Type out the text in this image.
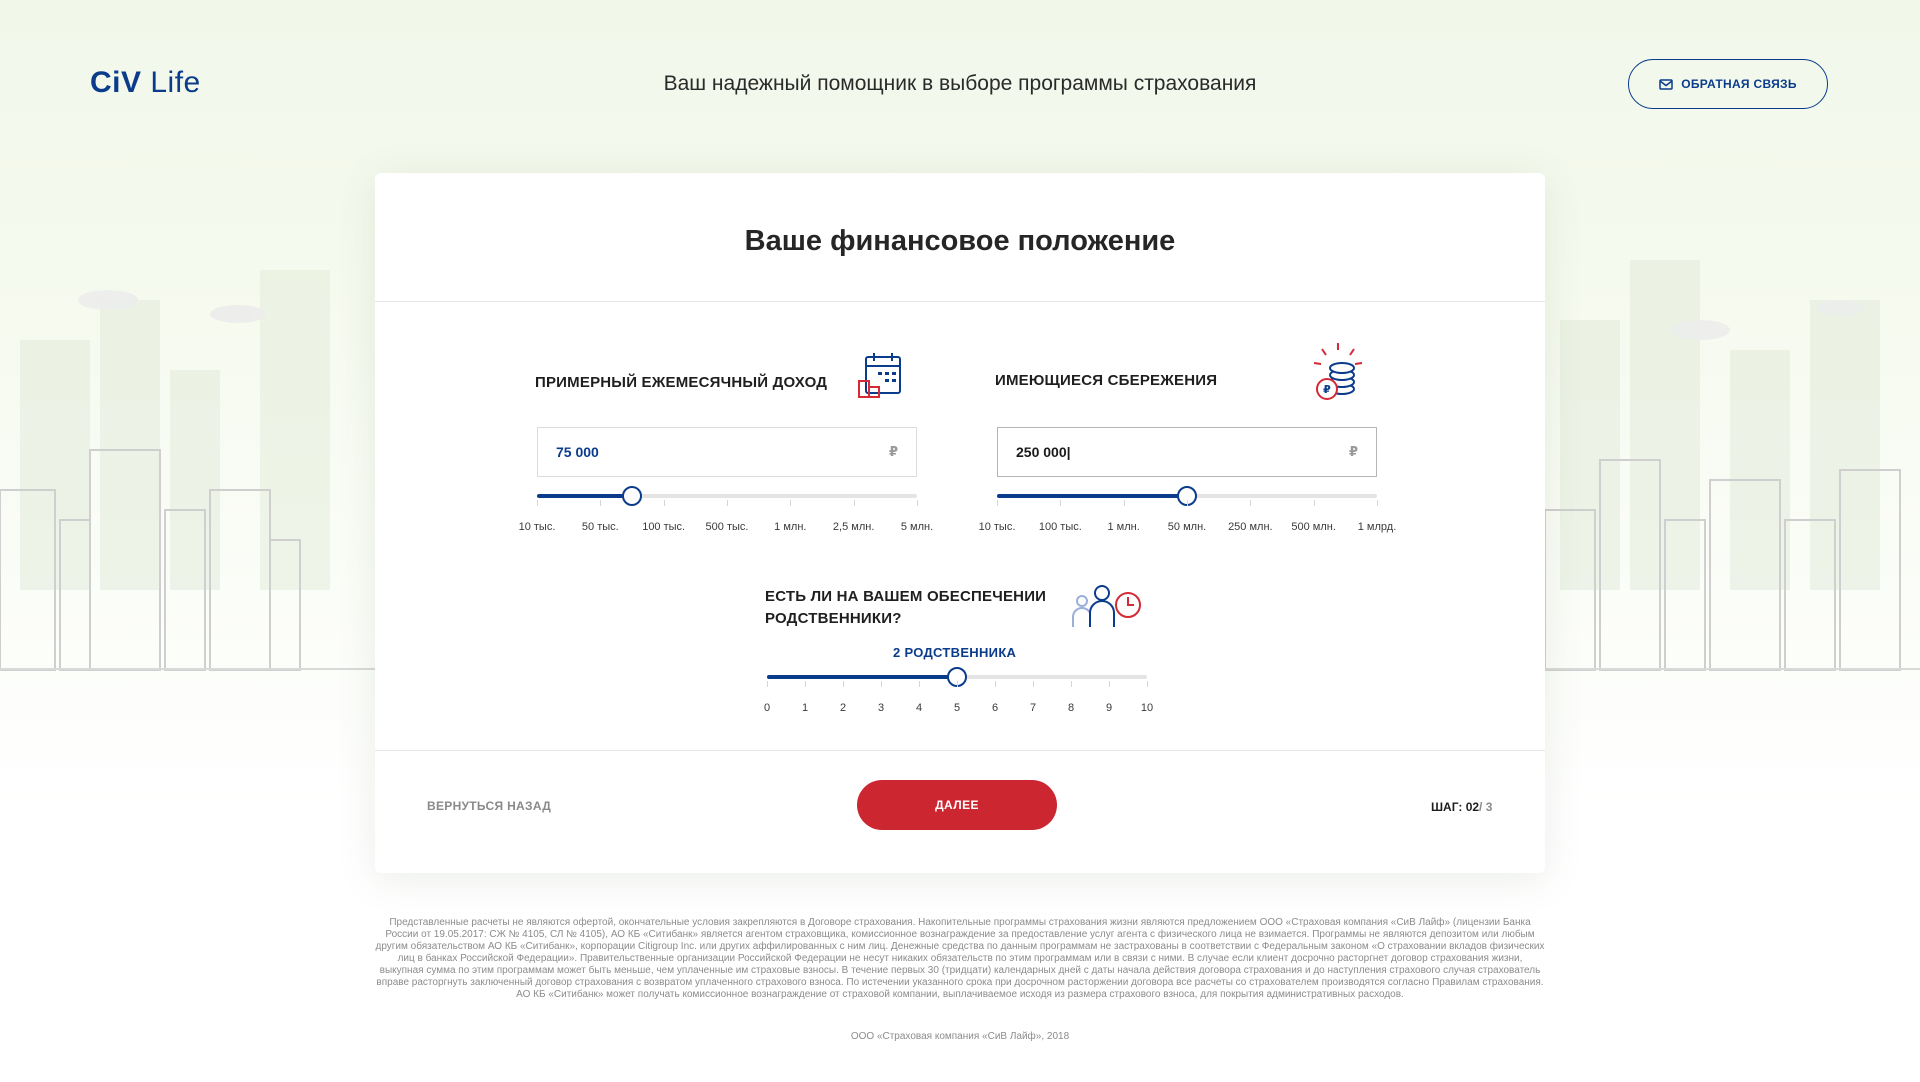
CiV Life	Ваш надежный помощник в выборе программы страхования	ОБРАТНАЯ СВЯЗЬ
Ваше финансовое положение
ПРИМЕРНЫЙ ЕЖЕМЕСЯЧНЫЙ ДОХОД
75 000	₽
10 тыс. 50 тыс. 100 тыс. 500 тыс. 1 млн. 2,5 млн. 5 млн.
ИМЕЮЩИЕСЯ СБЕРЕЖЕНИЯ
₽
250 000|	₽
10 тыс. 100 тыс. 1 млн.	50 млн. 250 млн. 500 млн. 1 млрд.
ЕСТЬ ЛИ НА ВАШЕМ ОБЕСПЕЧЕНИИ
РОДСТВЕННИКИ?
2 РОДСТВЕННИКА
0	1	2	3	4	5	6	7	8	9	10
ВЕРНУТЬСЯ НАЗАД	ДАЛЕЕ	ШАГ: 02/ 3
Представленные расчеты не являются офертой, окончательные условия закрепляются в Договоре страхования. Накопительные программы страхования жизни являются предложением ООО «Страховая компания «СиВ Лайф» (лицензии Банка России от 19.05.2017: СЖ № 4105, СЛ № 4105), АО КБ «Ситибанк» является агентом страховщика, комиссионное вознаграждение за предоставление услуг агента с физического лица не взимается. Программы не являются депозитом или любым другим обязательством АО КБ «Ситибанк», корпорации Citigroup Inc. или других аффилированных с ним лиц. Денежные средства по данным программам не застрахованы в соответствии с Федеральным законом «О страховании вкладов физических лиц в банках Российской Федерации». Правительственные организации Российской Федерации не несут никаких обязательств по этим программам или в связи с ними. В случае если клиент досрочно расторгнет договор страхования жизни, выкупная сумма по этим программам может быть меньше, чем уплаченные им страховые взносы. В течение первых 30 (тридцати) календарных дней с даты начала действия договора страхования и до наступления страхового случая страхователь вправе расторгнуть заключенный договор страхования с возвратом уплаченного страхового взноса. По истечении указанного срока при досрочном расторжении договора все расчеты со страхователем производятся согласно Правилам страхования. АО КБ «Ситибанк» может получать комиссионное вознаграждение от страховой компании, выплачиваемое исходя из размера страхового взноса, для покрытия административных расходов.
ООО «Страховая компания «СиВ Лайф», 2018
